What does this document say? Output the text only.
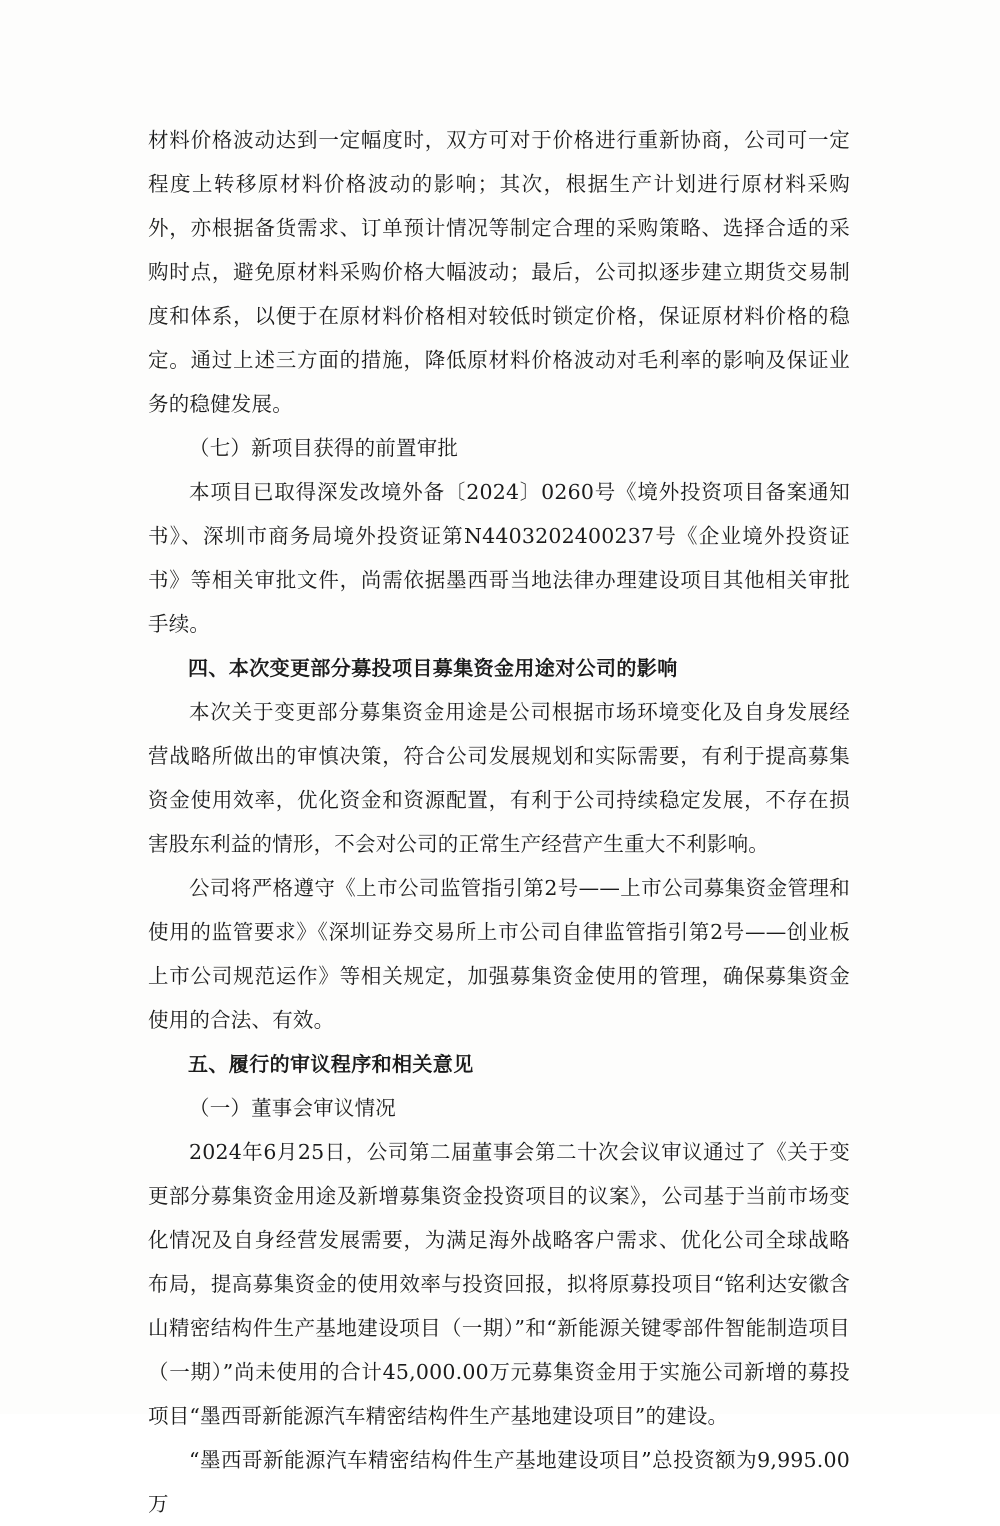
材料价格波动达到一定幅度时，双方可对于价格进行重新协商，公司可一定程度上转移原材料价格波动的影响；其次，根据生产计划进行原材料采购外，亦根据备货需求、订单预计情况等制定合理的采购策略、选择合适的采购时点，避免原材料采购价格大幅波动；最后，公司拟逐步建立期货交易制度和体系，以便于在原材料价格相对较低时锁定价格，保证原材料价格的稳定。通过上述三方面的措施，降低原材料价格波动对毛利率的影响及保证业务的稳健发展。

（七）新项目获得的前置审批

本项目已取得深发改境外备〔2024〕0260号《境外投资项目备案通知书》、深圳市商务局境外投资证第N4403202400237号《企业境外投资证书》等相关审批文件，尚需依据墨西哥当地法律办理建设项目其他相关审批手续。

四、本次变更部分募投项目募集资金用途对公司的影响

本次关于变更部分募集资金用途是公司根据市场环境变化及自身发展经营战略所做出的审慎决策，符合公司发展规划和实际需要，有利于提高募集资金使用效率，优化资金和资源配置，有利于公司持续稳定发展，不存在损害股东利益的情形，不会对公司的正常生产经营产生重大不利影响。

公司将严格遵守《上市公司监管指引第2号——上市公司募集资金管理和使用的监管要求》《深圳证券交易所上市公司自律监管指引第2号——创业板上市公司规范运作》等相关规定，加强募集资金使用的管理，确保募集资金使用的合法、有效。

五、履行的审议程序和相关意见

（一）董事会审议情况

2024年6月25日，公司第二届董事会第二十次会议审议通过了《关于变更部分募集资金用途及新增募集资金投资项目的议案》，公司基于当前市场变化情况及自身经营发展需要，为满足海外战略客户需求、优化公司全球战略布局，提高募集资金的使用效率与投资回报，拟将原募投项目“铭利达安徽含山精密结构件生产基地建设项目（一期）”和“新能源关键零部件智能制造项目（一期）”尚未使用的合计45,000.00万元募集资金用于实施公司新增的募投项目“墨西哥新能源汽车精密结构件生产基地建设项目”的建设。

“墨西哥新能源汽车精密结构件生产基地建设项目”总投资额为9,995.00万
